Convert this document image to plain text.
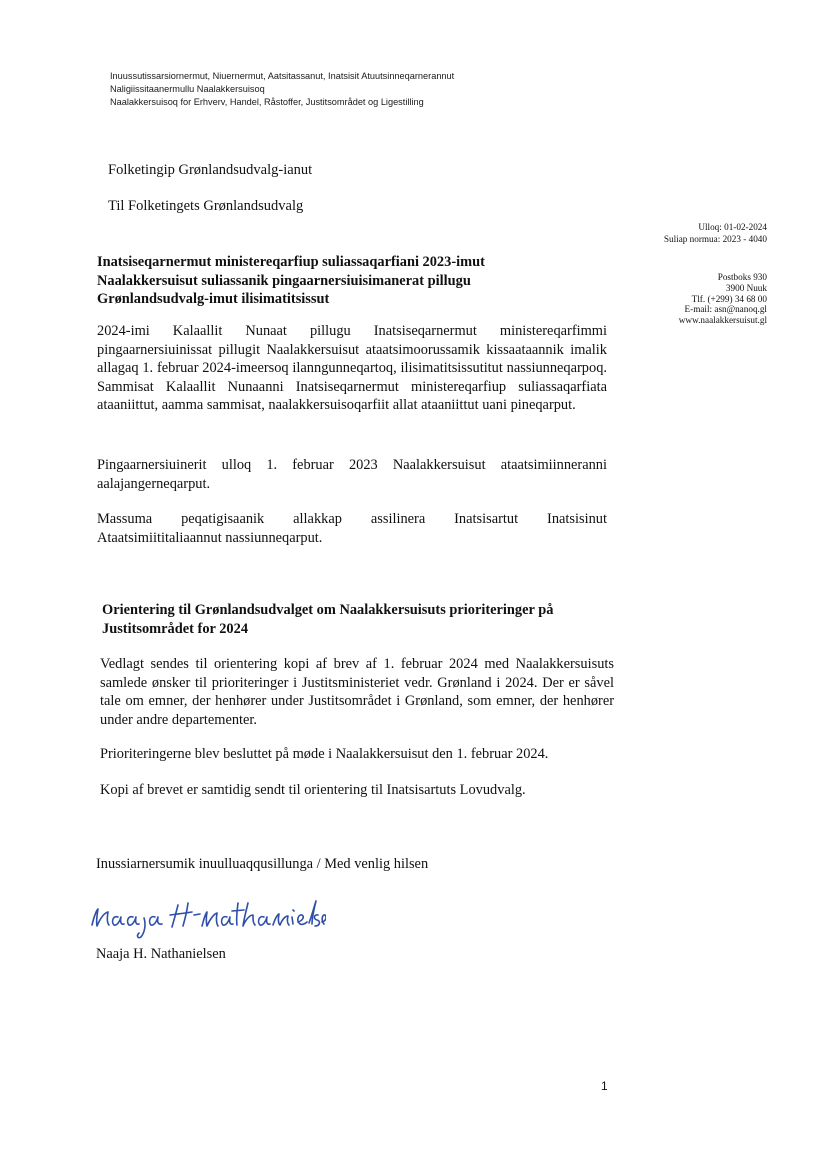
Inuussutissarsiornermut, Niuernermut, Aatsitassanut, Inatsisit Atuutsinneqarnerannut
Naligiissitaanermullu Naalakkersuisoq
Naalakkersuisoq for Erhverv, Handel, Råstoffer, Justitsområdet og Ligestilling
Folketingip Grønlandsudvalg-ianut
Til Folketingets Grønlandsudvalg
Ulloq: 01-02-2024
Suliap normua: 2023 - 4040
Postboks 930
3900 Nuuk
Tlf. (+299) 34 68 00
E-mail: asn@nanoq.gl
www.naalakkersuisut.gl
Inatsiseqarnermut ministereqarfiup suliassaqarfiani 2023-imut
Naalakkersuisut suliassanik pingaarnersiuisimanerat pillugu
Grønlandsudvalg-imut ilisimatitsissut
2024-imi Kalaallit Nunaat pillugu Inatsiseqarnermut ministereqarfimmi pingaarnersiuinissat pillugit Naalakkersuisut ataatsimoorussamik kissaataannik imalik allagaq 1. februar 2024-imeersoq ilanngunneqartoq, ilisimatitsissutitut nassiunneqarpoq. Sammisat Kalaallit Nunaanni Inatsiseqarnermut ministereqarfiup suliassaqarfiata ataaniittut, aamma sammisat, naalakkersuisoqarfiit allat ataaniittut uani pineqarput.
Pingaarnersiuinerit ulloq 1. februar 2023 Naalakkersuisut ataatsimiinneranni aalajangerneqarput.
Massuma peqatigisaanik allakkap assilinera Inatsisartut Inatsisinut Ataatsimiititaliaannut nassiunneqarput.
Orientering til Grønlandsudvalget om Naalakkersuisuts prioriteringer på
Justitsområdet for 2024
Vedlagt sendes til orientering kopi af brev af 1. februar 2024 med Naalakkersuisuts samlede ønsker til prioriteringer i Justitsministeriet vedr. Grønland i 2024. Der er såvel tale om emner, der henhører under Justitsområdet i Grønland, som emner, der henhører under andre departementer.
Prioriteringerne blev besluttet på møde i Naalakkersuisut den 1. februar 2024.
Kopi af brevet er samtidig sendt til orientering til Inatsisartuts Lovudvalg.
Inussiarnersumik inuulluaqqusillunga / Med venlig hilsen
Naaja H. Nathanielsen
1
